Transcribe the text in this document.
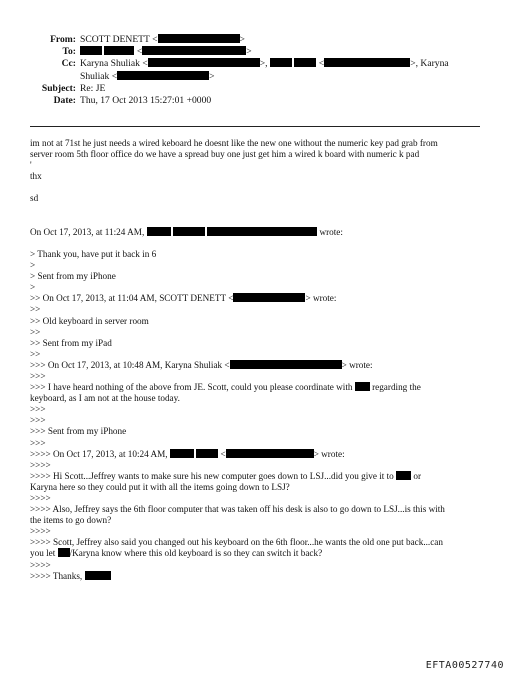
From: SCOTT DENETT <	>
To:	<	>
Cc: Karyna Shuliak <	>,	<	>, Karyna
Shuliak <	>
Subject: Re: JE
Date: Thu, 17 Oct 2013 15:27:01 +0000

im not at 71st he just needs a wired keboard he doesnt like the new one without the numeric key pad grab from

server room 5th floor office do we have a spread buy one just get him a wired k board with numeric k pad

'

thx

sd

On Oct 17, 2013, at 11:24 AM,	wrote:

> Thank you, have put it back in 6

>

> Sent from my iPhone

>

>> On Oct 17, 2013, at 11:04 AM, SCOTT DENETT <	> wrote:

>>

>> Old keyboard in server room

>>

>> Sent from my iPad

>>

>>> On Oct 17, 2013, at 10:48 AM, Karyna Shuliak <	> wrote:

>>>

>>> I have heard nothing of the above from JE. Scott, could you please coordinate with regarding the

keyboard, as I am not at the house today.

>>>

>>>

>>> Sent from my iPhone

>>>

>>>> On Oct 17, 2013, at 10:24 AM,	<	> wrote:

>>>>

>>>> Hi Scott...Jeffrey wants to make sure his new computer goes down to LSJ...did you give it to or

Karyna here so they could put it with all the items going down to LSJ?

>>>>

>>>> Also, Jeffrey says the 6th floor computer that was taken off his desk is also to go down to LSJ...is this with

the items to go down?

>>>>

>>>> Scott, Jeffrey also said you changed out his keyboard on the 6th floor...he wants the old one put back...can

you let /Karyna know where this old keyboard is so they can switch it back?

>>>>

>>>> Thanks,

EFTA00527740
